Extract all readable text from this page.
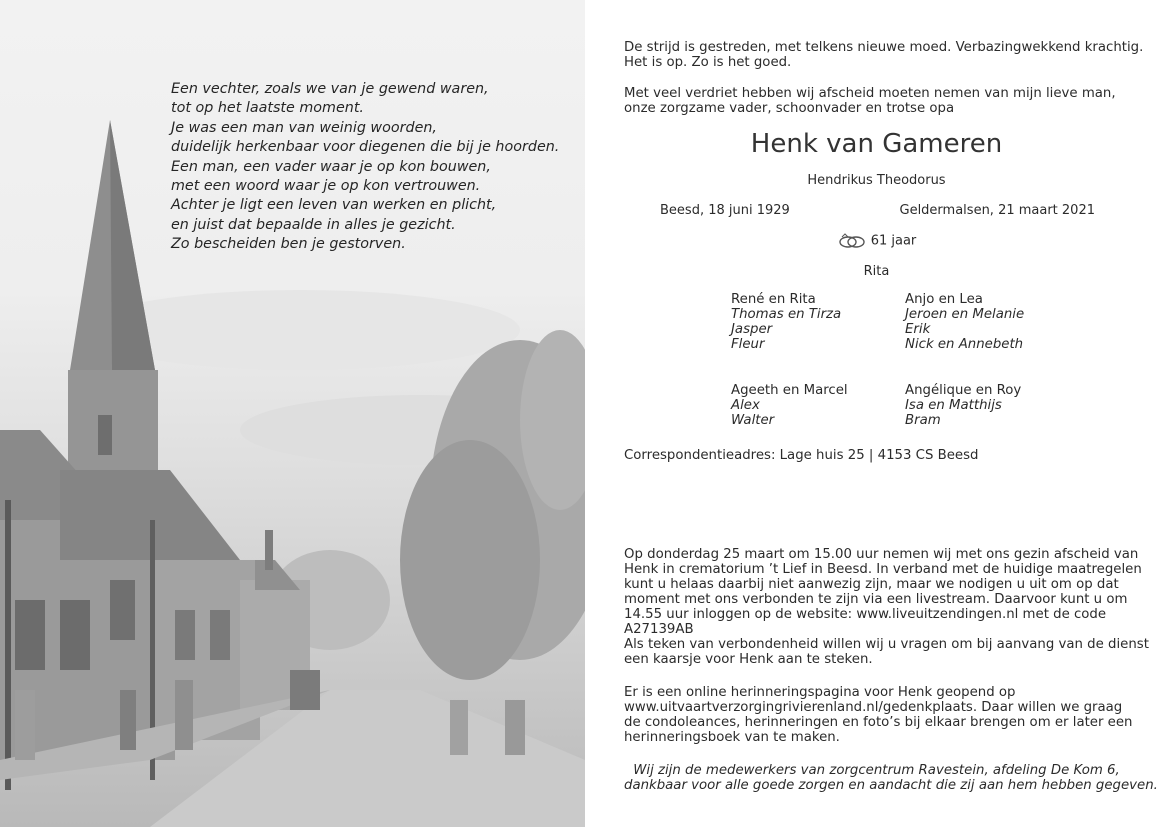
Een vechter, zoals we van je gewend waren,
tot op het laatste moment.
Je was een man van weinig woorden,
duidelijk herkenbaar voor diegenen die bij je hoorden.
Een man, een vader waar je op kon bouwen,
met een woord waar je op kon vertrouwen.
Achter je ligt een leven van werken en plicht,
en juist dat bepaalde in alles je gezicht.
Zo bescheiden ben je gestorven.
De strijd is gestreden, met telkens nieuwe moed. Verbazingwekkend krachtig.
Het is op. Zo is het goed.
Met veel verdriet hebben wij afscheid moeten nemen van mijn lieve man,
onze zorgzame vader, schoonvader en trotse opa
Henk van Gameren
Hendrikus Theodorus
Beesd, 18 juni 1929	Geldermalsen, 21 maart 2021
61 jaar
Rita
René en Rita
Thomas en Tirza
Jasper
Fleur
Anjo en Lea
Jeroen en Melanie
Erik
Nick en Annebeth
Ageeth en Marcel
Alex
Walter
Angélique en Roy
Isa en Matthijs
Bram
Correspondentieadres: Lage huis 25 | 4153 CS Beesd
Op donderdag 25 maart om 15.00 uur nemen wij met ons gezin afscheid van
Henk in crematorium ’t Lief in Beesd. In verband met de huidige maatregelen
kunt u helaas daarbij niet aanwezig zijn, maar we nodigen u uit om op dat
moment met ons verbonden te zijn via een livestream. Daarvoor kunt u om
14.55 uur inloggen op de website: www.liveuitzendingen.nl met de code
A27139AB
Als teken van verbondenheid willen wij u vragen om bij aanvang van de dienst
een kaarsje voor Henk aan te steken.
Er is een online herinneringspagina voor Henk geopend op
www.uitvaartverzorgingrivierenland.nl/gedenkplaats. Daar willen we graag
de condoleances, herinneringen en foto’s bij elkaar brengen om er later een
herinneringsboek van te maken.
Wij zijn de medewerkers van zorgcentrum Ravestein, afdeling De Kom 6,
dankbaar voor alle goede zorgen en aandacht die zij aan hem hebben gegeven.
